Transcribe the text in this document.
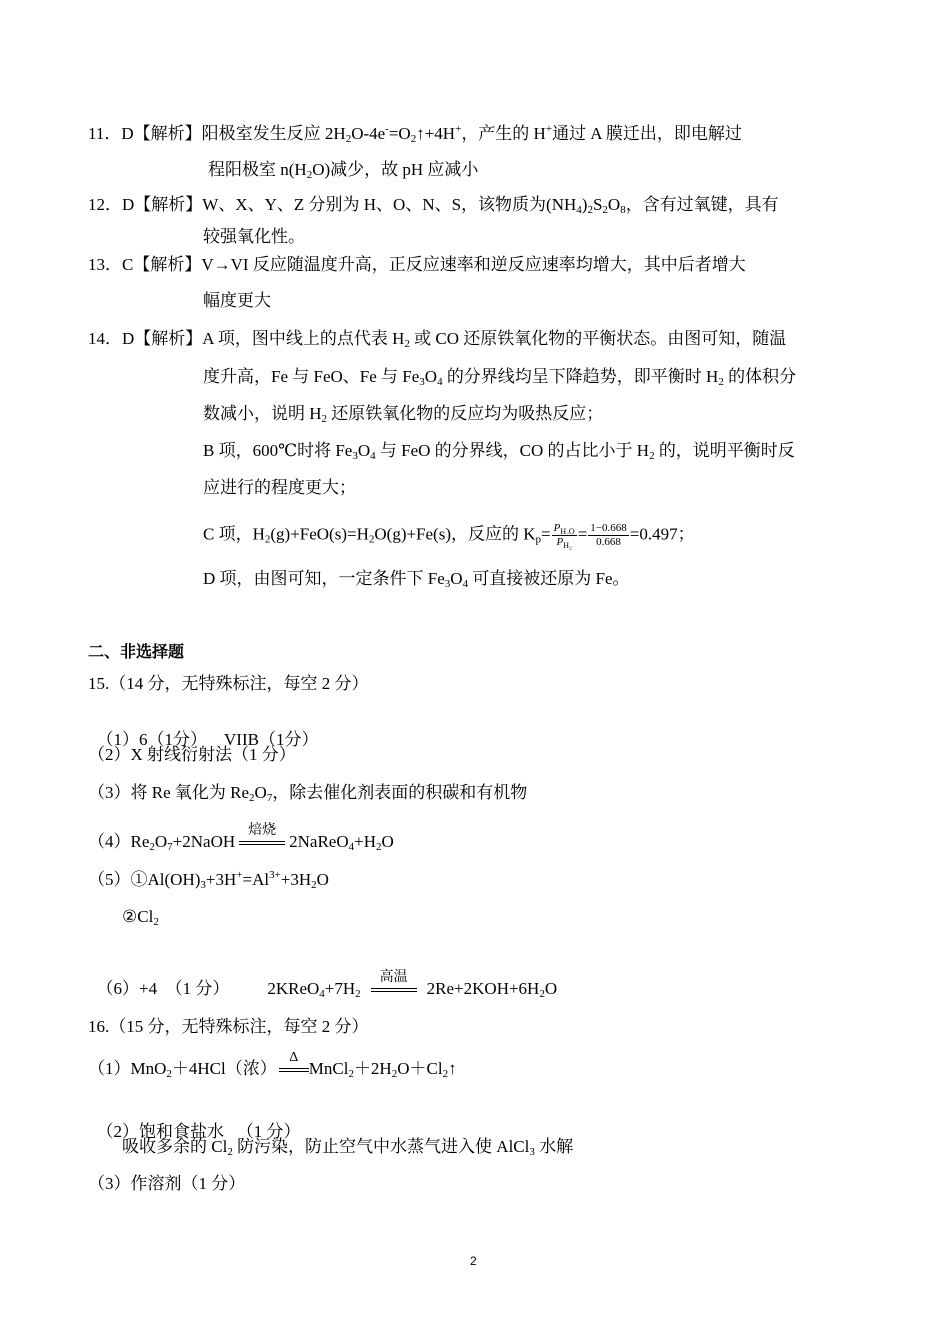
11．D【解析】阳极室发生反应 $2H_2O-4e^-=O_2↑+4H^+$，产生的 H+通过 A 膜迁出，即电解过
程阳极室 $n(H_2O)$减少，故 pH 应减小
12．D【解析】W、X、Y、Z 分别为 H、O、N、S，该物质为$(NH_4)_2S_2O_8$，含有过氧键，具有
较强氧化性。
13．C【解析】V→VI 反应随温度升高，正反应速率和逆反应速率均增大，其中后者增大
幅度更大
14．D【解析】A 项，图中线上的点代表 $H_2$ 或 CO 还原铁氧化物的平衡状态。由图可知，随温
度升高，Fe 与 FeO、Fe 与 $Fe_3O_4$ 的分界线均呈下降趋势，即平衡时 $H_2$ 的体积分
数减小，说明 $H_2$ 还原铁氧化物的反应均为吸热反应；
B 项，600℃时将 $Fe_3O_4$ 与 FeO 的分界线，CO 的占比小于 $H_2$ 的，说明平衡时反
应进行的程度更大；
C 项，$H_2(g)+FeO(s)=H_2O(g)+Fe(s)$，反应的 $K_p= \frac{P_{H_2O}}{P_{H_2}} = \frac{1-0.668}{0.668} =0.497$；
D 项，由图可知，一定条件下 $Fe_3O_4$ 可直接被还原为 Fe。
二、非选择题
15.（14 分，无特殊标注，每空 2 分）

（1）6（1分）    VIIB（1分）

（2）X 射线衍射法（1 分）
（3）将 Re 氧化为 $Re_2O_7$，除去催化剂表面的积碳和有机物
$(4)Re_2O_7+2NaOH$
焙烧
$2NaReO_4+H_2O$
$(5)①Al(OH)_3+3H^+=Al^{3+}+3H_2O$
$②Cl_2$

（6）+4  （1 分） $2KReO_4+7H_2$
高温
$2Re+2KOH+6H_2O$

16.（15 分，无特殊标注，每空 2 分）
（1）MnO$_2$＋4HCl（浓）
Δ
$MnCl_2+2H_2O+Cl_2↑$

（2）饱和食盐水   （1 分）

吸收多余的 $Cl_2$ 防污染，防止空气中水蒸气进入使 AlCl$_3$ 水解
（3）作溶剂（1 分）
2
